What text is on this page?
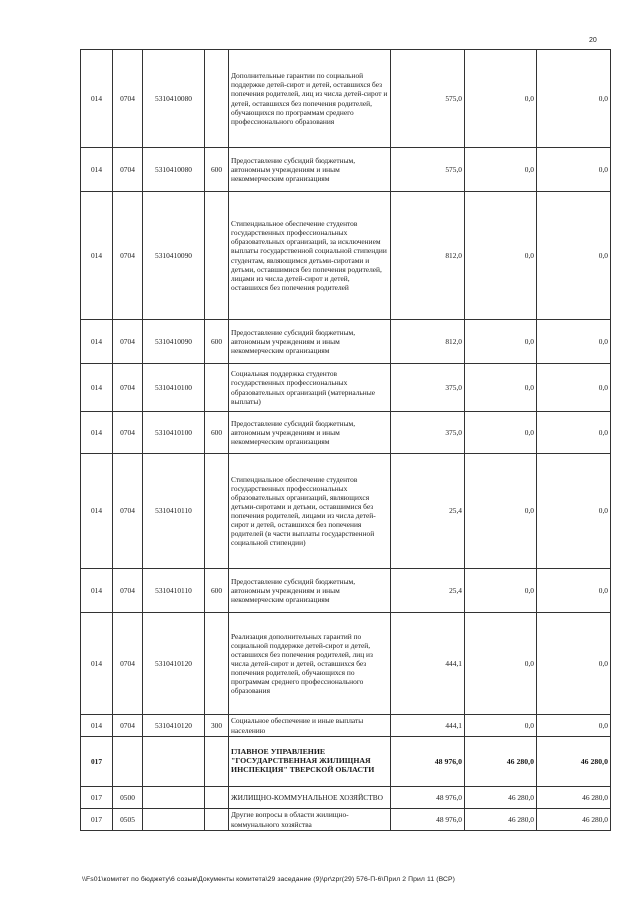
20
014	0704	5310410080		Дополнительные гарантии по социальной поддержке детей-сирот и детей, оставшихся без попечения родителей, лиц из числа детей-сирот и детей, оставшихся без попечения родителей, обучающихся по программам среднего профессионального образования	575,0	0,0	0,0
014	0704	5310410080	600	Предоставление субсидий бюджетным, автономным учреждениям и иным некоммерческим организациям	575,0	0,0	0,0
014	0704	5310410090		Стипендиальное обеспечение студентов государственных профессиональных образовательных организаций, за исключением выплаты государственной социальной стипендии студентам, являющимся детьми-сиротами и детьми, оставшимися без попечения родителей, лицами из числа детей-сирот и детей, оставшихся без попечения родителей	812,0	0,0	0,0
014	0704	5310410090	600	Предоставление субсидий бюджетным, автономным учреждениям и иным некоммерческим организациям	812,0	0,0	0,0
014	0704	5310410100		Социальная поддержка студентов государственных профессиональных образовательных организаций (материальные выплаты)	375,0	0,0	0,0
014	0704	5310410100	600	Предоставление субсидий бюджетным, автономным учреждениям и иным некоммерческим организациям	375,0	0,0	0,0
014	0704	5310410110		Стипендиальное обеспечение студентов государственных профессиональных образовательных организаций, являющихся детьми-сиротами и детьми, оставшимися без попечения родителей, лицами из числа детей-сирот и детей, оставшихся без попечения родителей (в части выплаты государственной социальной стипендии)	25,4	0,0	0,0
014	0704	5310410110	600	Предоставление субсидий бюджетным, автономным учреждениям и иным некоммерческим организациям	25,4	0,0	0,0
014	0704	5310410120		Реализация дополнительных гарантий по социальной поддержке детей-сирот и детей, оставшихся без попечения родителей, лиц из числа детей-сирот и детей, оставшихся без попечения родителей, обучающихся по программам среднего профессионального образования	444,1	0,0	0,0
014	0704	5310410120	300	Социальное обеспечение и иные выплаты населению	444,1	0,0	0,0
017				ГЛАВНОЕ УПРАВЛЕНИЕ "ГОСУДАРСТВЕННАЯ ЖИЛИЩНАЯ ИНСПЕКЦИЯ" ТВЕРСКОЙ ОБЛАСТИ	48 976,0	46 280,0	46 280,0
017	0500			ЖИЛИЩНО-КОММУНАЛЬНОЕ ХОЗЯЙСТВО	48 976,0	46 280,0	46 280,0
017	0505			Другие вопросы в области жилищно-коммунального хозяйства	48 976,0	46 280,0	46 280,0
\\Fs01\комитет по бюджету\6 созыв\Документы комитета\29 заседание (9)\pr\zpr(29) 576-П-6\Прил 2 Прил 11 (ВСР)
